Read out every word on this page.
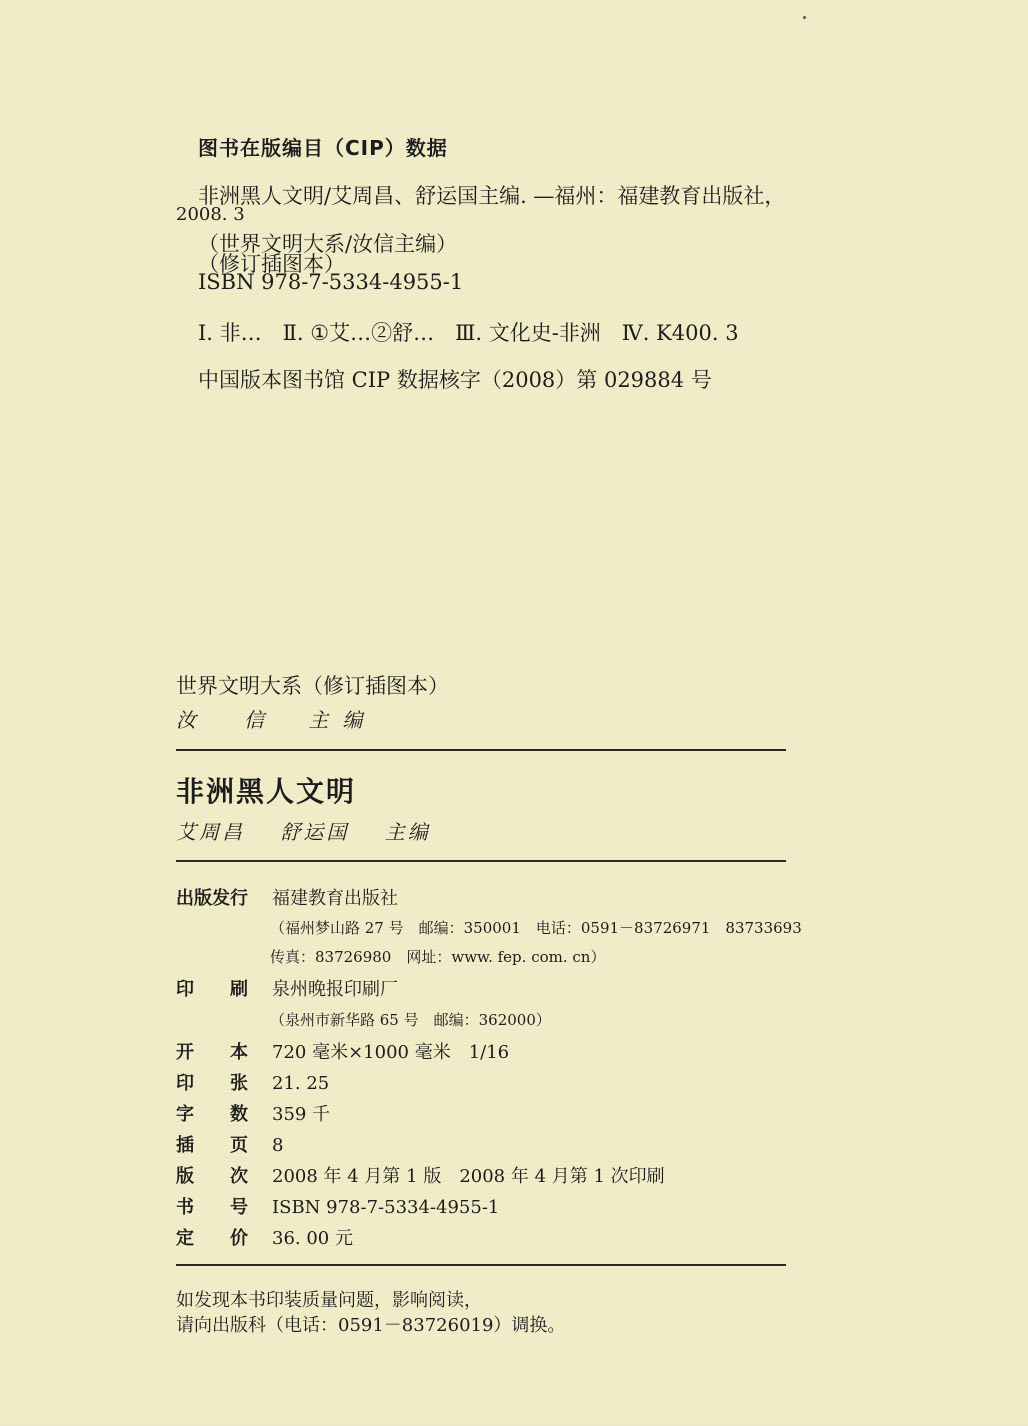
图书在版编目（CIP）数据
非洲黑人文明/艾周昌、舒运国主编. —福州：福建教育出版社，
2008. 3
（世界文明大系/汝信主编）
（修订插图本）
ISBN 978-7-5334-4955-1
Ⅰ. 非…　Ⅱ. ①艾…②舒…　Ⅲ. 文化史-非洲　Ⅳ. K400. 3
中国版本图书馆 CIP 数据核字（2008）第 029884 号
世界文明大系（修订插图本）
汝　信 主编
非洲黑人文明
艾周昌 舒运国 主编
出版发行 福建教育出版社
（福州梦山路 27 号　邮编：350001　电话：0591－83726971　83733693
传真：83726980　网址：www. fep. com. cn）
印　　刷 泉州晚报印刷厂
（泉州市新华路 65 号　邮编：362000）
开　　本 720 毫米×1000 毫米　1/16
印　　张 21. 25
字　　数 359 千
插　　页 8
版　　次 2008 年 4 月第 1 版　2008 年 4 月第 1 次印刷
书　　号 ISBN 978-7-5334-4955-1
定　　价 36. 00 元
如发现本书印装质量问题，影响阅读，
请向出版科（电话：0591－83726019）调换。
